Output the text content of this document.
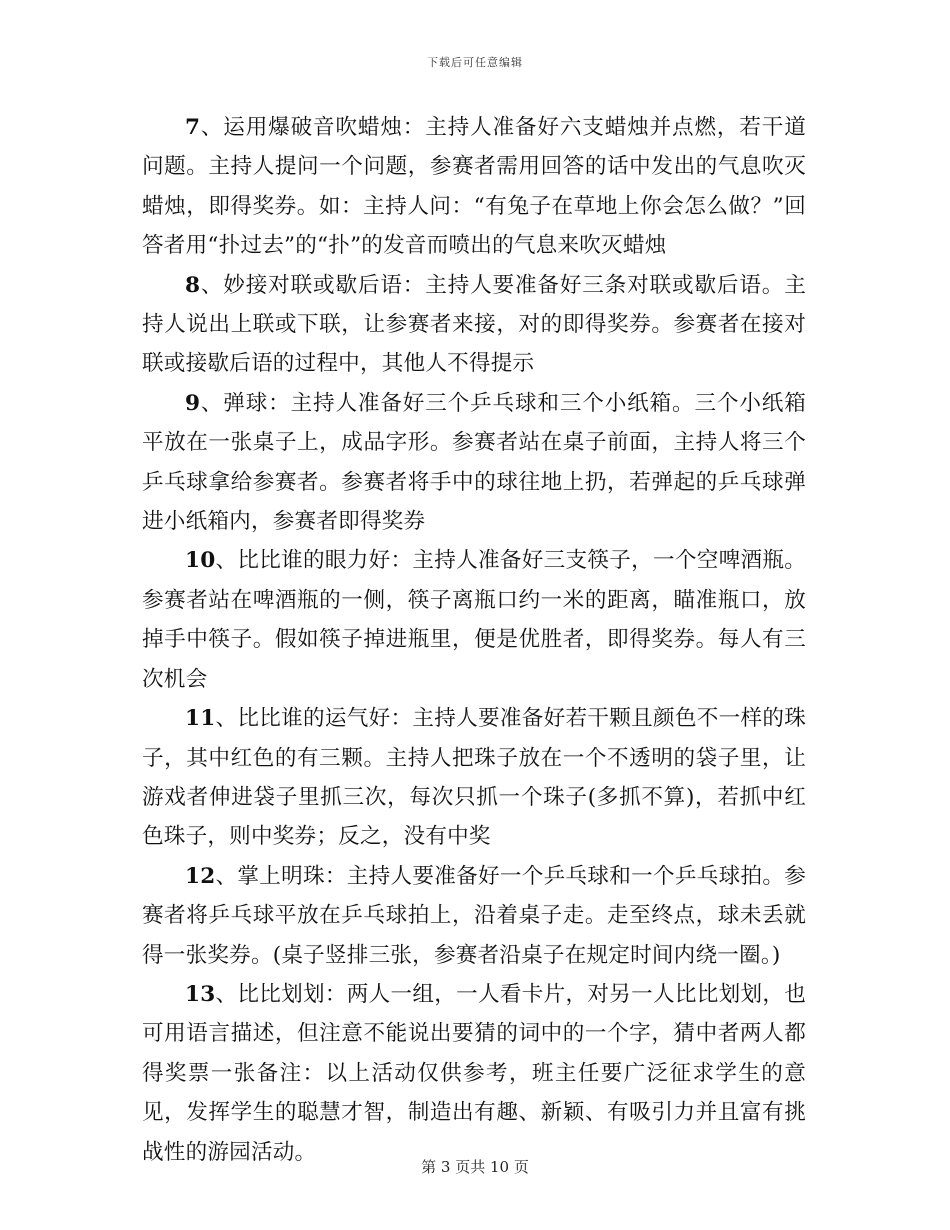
下载后可任意编辑

7、运用爆破音吹蜡烛：主持人准备好六支蜡烛并点燃，若干道问题。主持人提问一个问题，参赛者需用回答的话中发出的气息吹灭蜡烛，即得奖券。如：主持人问：“有兔子在草地上你会怎么做？”回答者用“扑过去”的“扑”的发音而喷出的气息来吹灭蜡烛

8、妙接对联或歇后语：主持人要准备好三条对联或歇后语。主持人说出上联或下联，让参赛者来接，对的即得奖券。参赛者在接对联或接歇后语的过程中，其他人不得提示

9、弹球：主持人准备好三个乒乓球和三个小纸箱。三个小纸箱平放在一张桌子上，成品字形。参赛者站在桌子前面，主持人将三个乒乓球拿给参赛者。参赛者将手中的球往地上扔，若弹起的乒乓球弹进小纸箱内，参赛者即得奖券

10、比比谁的眼力好：主持人准备好三支筷子，一个空啤酒瓶。参赛者站在啤酒瓶的一侧，筷子离瓶口约一米的距离，瞄准瓶口，放掉手中筷子。假如筷子掉进瓶里，便是优胜者，即得奖券。每人有三次机会

11、比比谁的运气好：主持人要准备好若干颗且颜色不一样的珠子，其中红色的有三颗。主持人把珠子放在一个不透明的袋子里，让游戏者伸进袋子里抓三次，每次只抓一个珠子(多抓不算)，若抓中红色珠子，则中奖券；反之，没有中奖

12、掌上明珠：主持人要准备好一个乒乓球和一个乒乓球拍。参赛者将乒乓球平放在乒乓球拍上，沿着桌子走。走至终点，球未丢就得一张奖券。(桌子竖排三张，参赛者沿桌子在规定时间内绕一圈。)

13、比比划划：两人一组，一人看卡片，对另一人比比划划，也可用语言描述，但注意不能说出要猜的词中的一个字，猜中者两人都得奖票一张备注：以上活动仅供参考，班主任要广泛征求学生的意见，发挥学生的聪慧才智，制造出有趣、新颖、有吸引力并且富有挑战性的游园活动。

第 3 页共 10 页
